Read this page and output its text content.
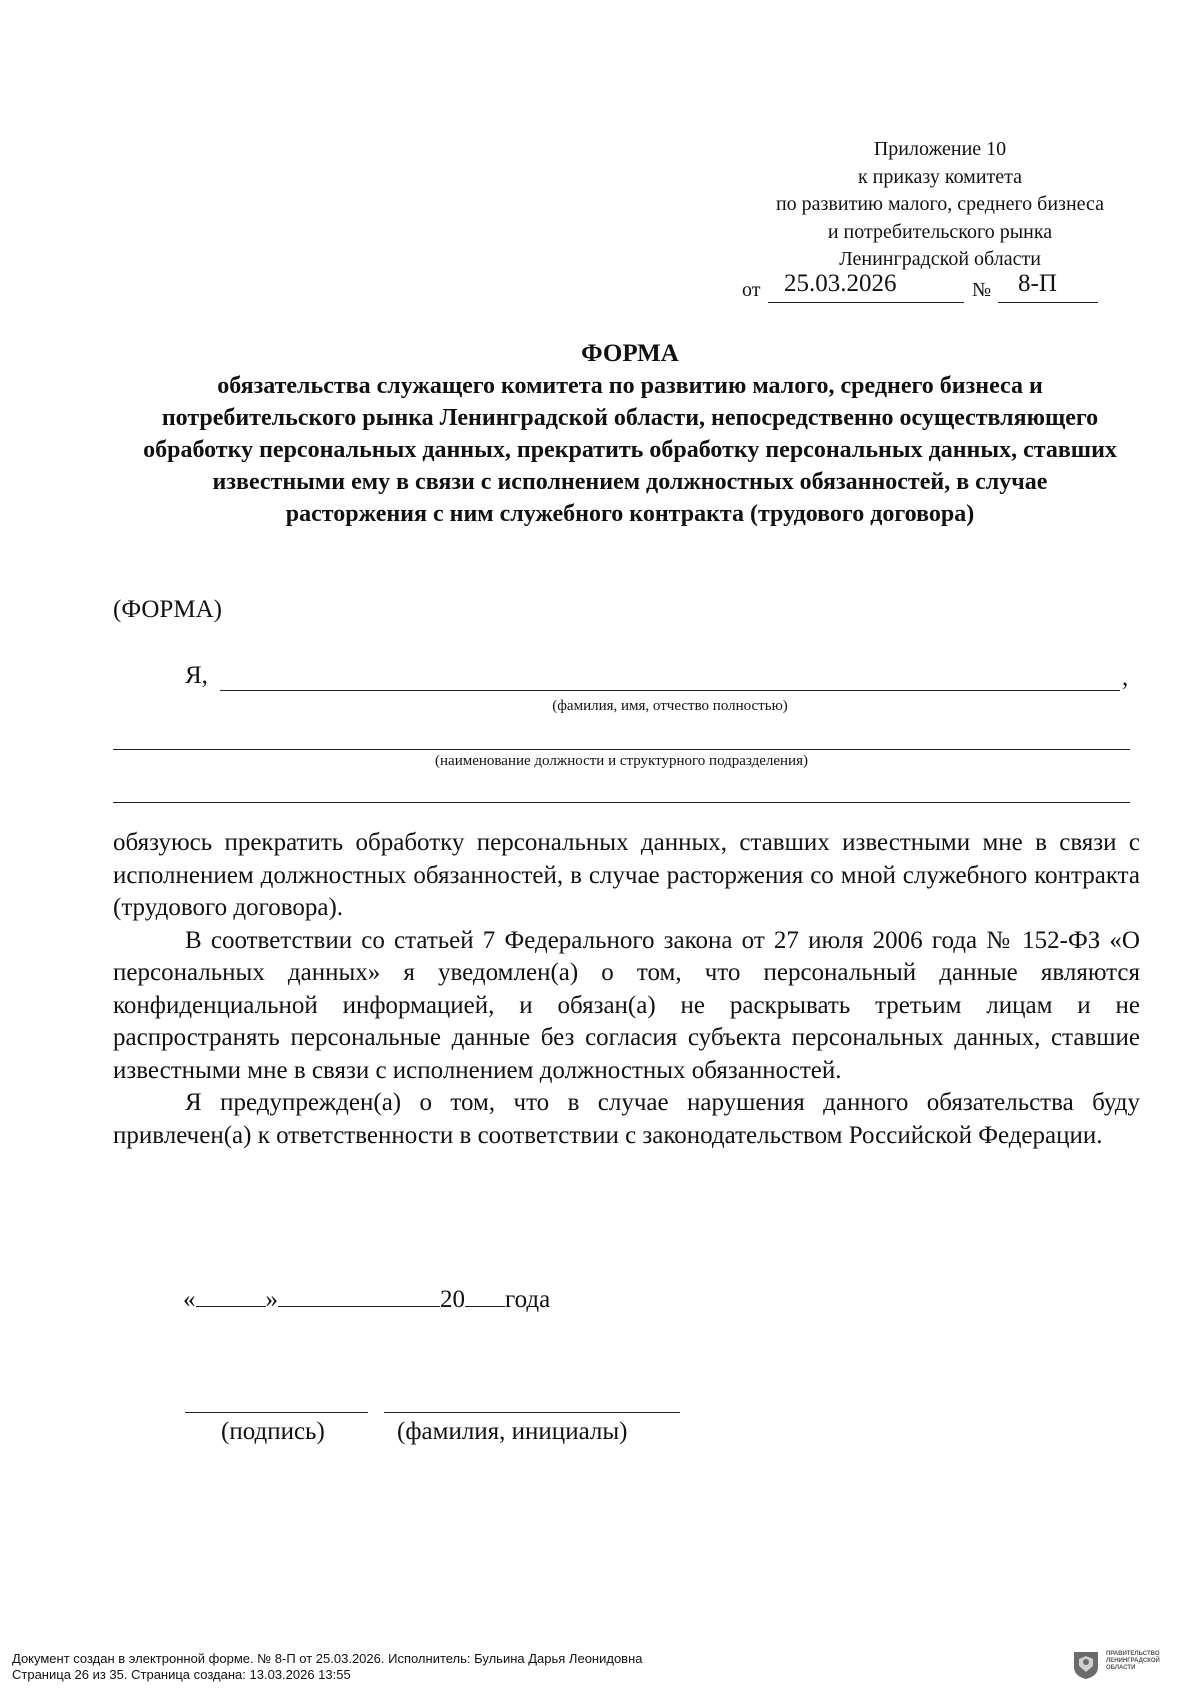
Приложение 10
к приказу комитета
по развитию малого, среднего бизнеса
и потребительского рынка
Ленинградской области
от 25.03.2026	№ 8-П
ФОРМА
обязательства служащего комитета по развитию малого, среднего бизнеса и потребительского рынка Ленинградской области, непосредственно осуществляющего обработку персональных данных, прекратить обработку персональных данных, ставших известными ему в связи с исполнением должностных обязанностей, в случае расторжения с ним служебного контракта (трудового договора)
(ФОРМА)
Я,	,
(фамилия, имя, отчество полностью)
(наименование должности и структурного подразделения)

обязуюсь прекратить обработку персональных данных, ставших известными мне в связи с исполнением должностных обязанностей, в случае расторжения со мной служебного контракта (трудового договора).

В соответствии со статьей 7 Федерального закона от 27 июля 2006 года № 152-ФЗ «О персональных данных» я уведомлен(а) о том, что персональный данные являются конфиденциальной информацией, и обязан(а) не раскрывать третьим лицам и не распространять персональные данные без согласия субъекта персональных данных, ставшие известными мне в связи с исполнением должностных обязанностей.

Я предупрежден(а) о том, что в случае нарушения данного обязательства буду привлечен(а) к ответственности в соответствии с законодательством Российской Федерации.

«	»	20 года
(подпись)	(фамилия, инициалы)
Документ создан в электронной форме. № 8-П от 25.03.2026. Исполнитель: Бульина Дарья Леонидовна
Страница 26 из 35. Страница создана: 13.03.2026 13:55
ПРАВИТЕЛЬСТВО
ЛЕНИНГРАДСКОЙ
ОБЛАСТИ
